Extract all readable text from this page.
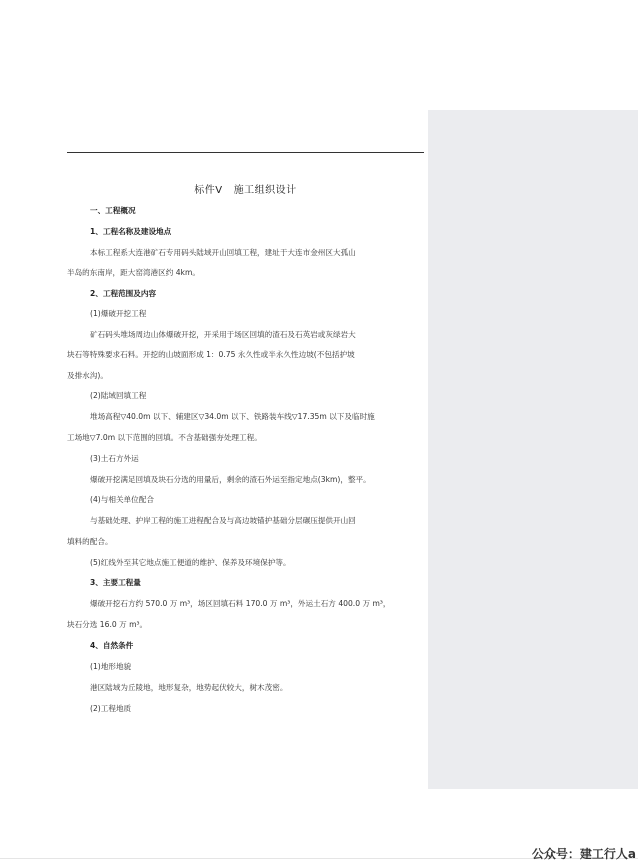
标件Ⅴ   施工组织设计
一、工程概况
1、工程名称及建设地点
本标工程系大连港矿石专用码头陆域开山回填工程，建址于大连市金州区大孤山
半岛的东南岸，距大窑湾港区约 4km。
2、工程范围及内容
(1)爆破开挖工程
矿石码头堆场周边山体爆破开挖，开采用于场区回填的渣石及石英岩或灰绿岩大
块石等特殊要求石料。开挖的山坡面形成 1：0.75 永久性或半永久性边坡(不包括护坡
及排水沟)。
(2)陆域回填工程
堆场高程▽40.0m 以下、辅建区▽34.0m 以下、铁路装车线▽17.35m 以下及临时施
工场地▽7.0m 以下范围的回填。不含基础强夯处理工程。
(3)土石方外运
爆破开挖满足回填及块石分选的用量后，剩余的渣石外运至指定地点(3km)，整平。
(4)与相关单位配合
与基础处理、护岸工程的施工进程配合及与高边坡锚护基础分层碾压提供开山回
填料的配合。
(5)红线外至其它地点施工便道的维护、保养及环境保护等。
3、主要工程量
爆破开挖石方约 570.0 万 m³，场区回填石料 170.0 万 m³，外运土石方 400.0 万 m³，
块石分选 16.0 万 m³。
4、自然条件
(1)地形地貌
港区陆域为丘陵地，地形复杂，地势起伏较大，树木茂密。
(2)工程地质
公众号：建工行人a
